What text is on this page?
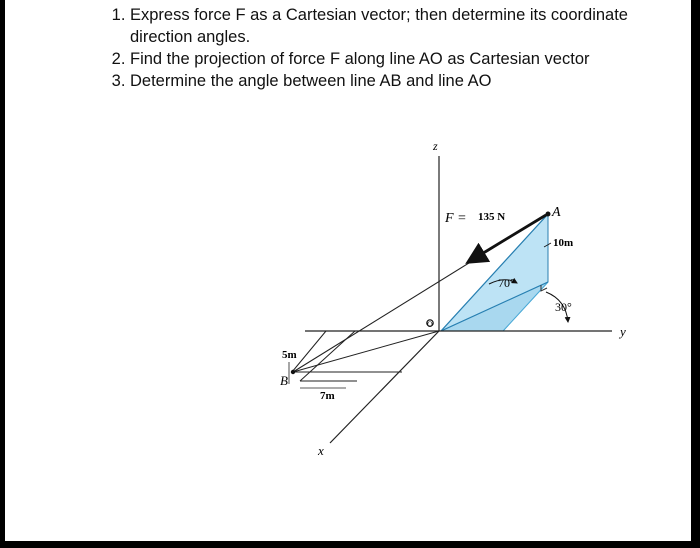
1. Express force F as a Cartesian vector; then determine its coordinate direction angles.
2. Find the projection of force F along line AO as Cartesian vector
3. Determine the angle between line AB and line AO
z
y
x
O
A
B
F = 135 N
10m
70°
30°
5m
7m
